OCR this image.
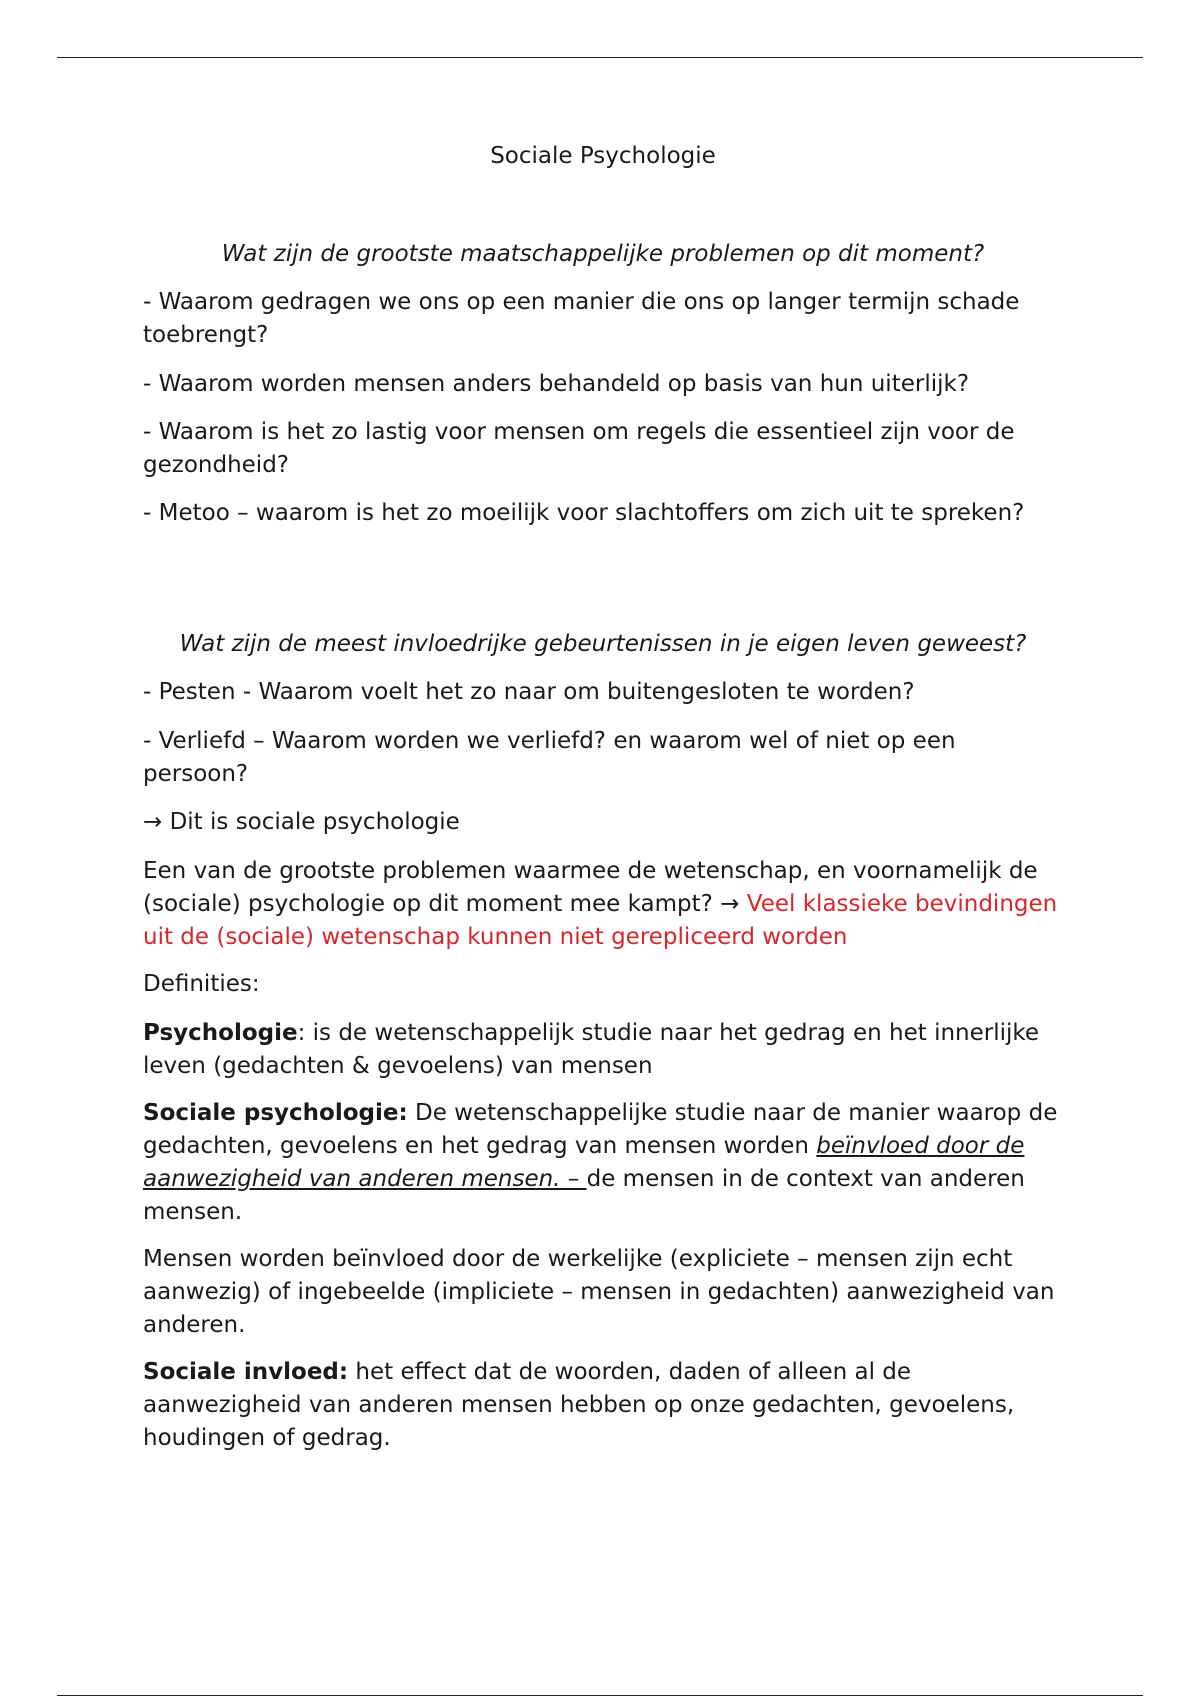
Sociale Psychologie
Wat zijn de grootste maatschappelijke problemen op dit moment?

- Waarom gedragen we ons op een manier die ons op langer termijn schade toebrengt?

- Waarom worden mensen anders behandeld op basis van hun uiterlijk?

- Waarom is het zo lastig voor mensen om regels die essentieel zijn voor de gezondheid?

- Metoo – waarom is het zo moeilijk voor slachtoffers om zich uit te spreken?

Wat zijn de meest invloedrijke gebeurtenissen in je eigen leven geweest?

- Pesten - Waarom voelt het zo naar om buitengesloten te worden?

- Verliefd – Waarom worden we verliefd? en waarom wel of niet op een persoon?

→ Dit is sociale psychologie

Een van de grootste problemen waarmee de wetenschap, en voornamelijk de (sociale) psychologie op dit moment mee kampt? → Veel klassieke bevindingen uit de (sociale) wetenschap kunnen niet gerepliceerd worden

Definities:

Psychologie: is de wetenschappelijk studie naar het gedrag en het innerlijke leven (gedachten & gevoelens) van mensen

Sociale psychologie: De wetenschappelijke studie naar de manier waarop de gedachten, gevoelens en het gedrag van mensen worden beïnvloed door de aanwezigheid van anderen mensen. – de mensen in de context van anderen mensen.

Mensen worden beïnvloed door de werkelijke (expliciete – mensen zijn echt aanwezig) of ingebeelde (impliciete – mensen in gedachten) aanwezigheid van anderen.

Sociale invloed: het effect dat de woorden, daden of alleen al de aanwezigheid van anderen mensen hebben op onze gedachten, gevoelens, houdingen of gedrag.
